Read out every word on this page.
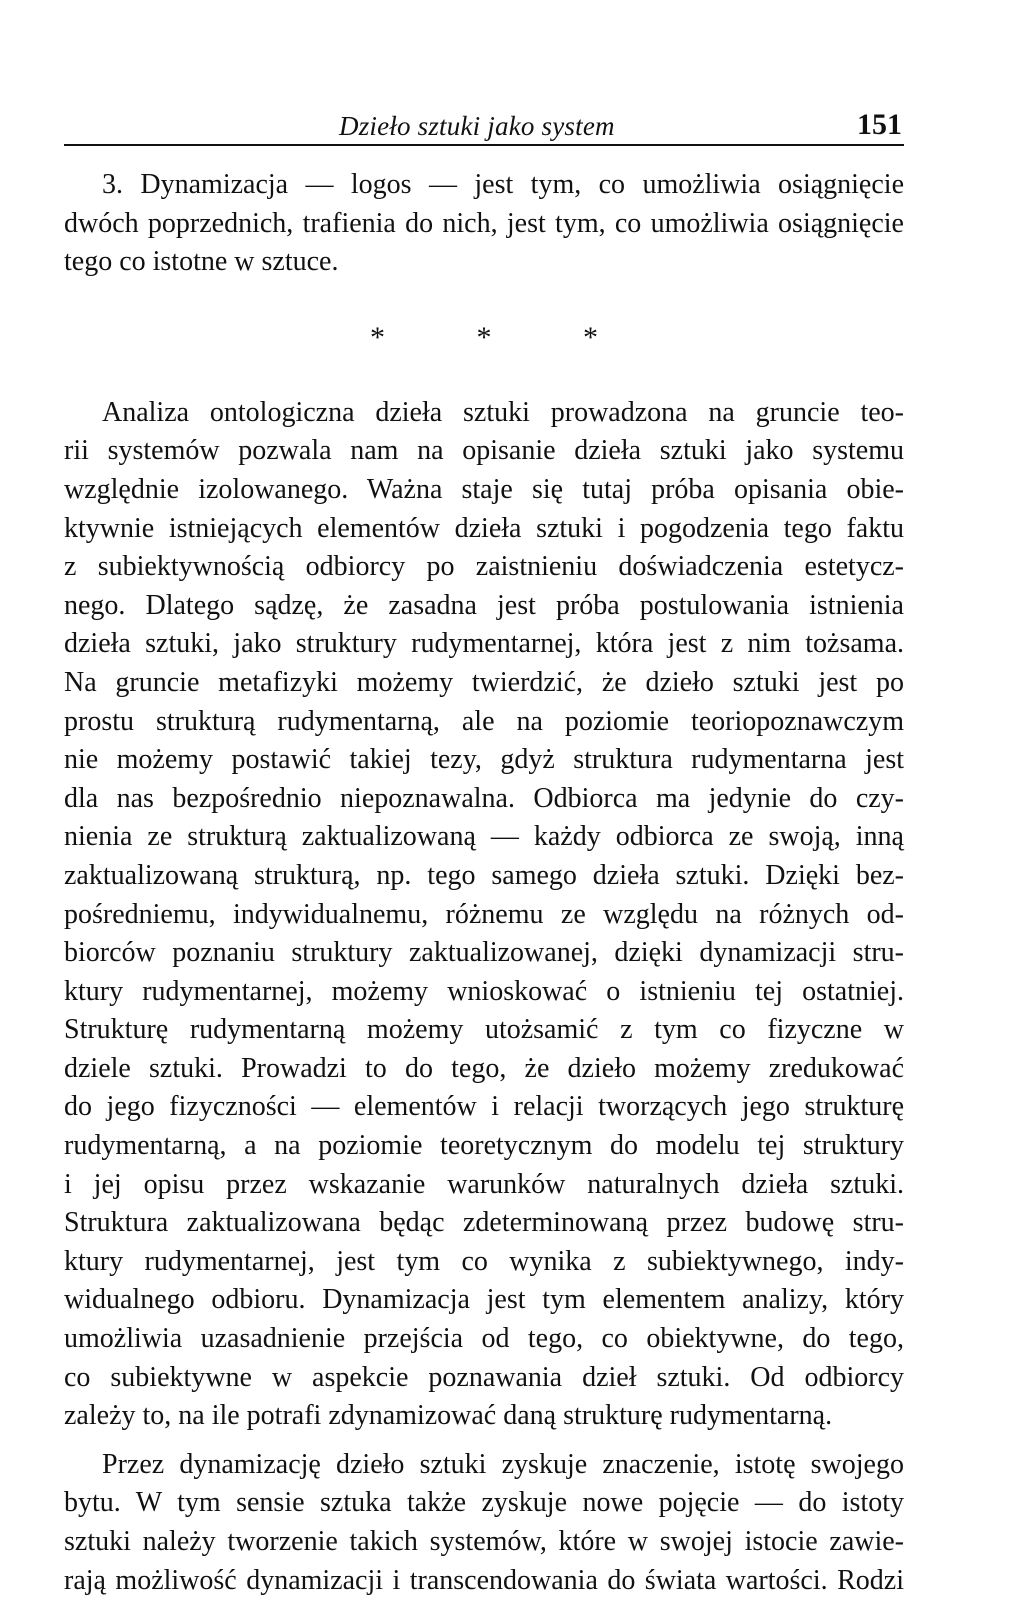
Dzieło sztuki jako system	151
3. Dynamizacja — logos — jest tym, co umożliwia osiągnięcie
dwóch poprzednich, trafienia do nich, jest tym, co umożliwia osiągnięcie
tego co istotne w sztuce.
* * *
Analiza ontologiczna dzieła sztuki prowadzona na gruncie teo-
rii systemów pozwala nam na opisanie dzieła sztuki jako systemu
względnie izolowanego. Ważna staje się tutaj próba opisania obie-
ktywnie istniejących elementów dzieła sztuki i pogodzenia tego faktu
z subiektywnością odbiorcy po zaistnieniu doświadczenia estetycz-
nego. Dlatego sądzę, że zasadna jest próba postulowania istnienia
dzieła sztuki, jako struktury rudymentarnej, która jest z nim tożsama.
Na gruncie metafizyki możemy twierdzić, że dzieło sztuki jest po
prostu strukturą rudymentarną, ale na poziomie teoriopoznawczym
nie możemy postawić takiej tezy, gdyż struktura rudymentarna jest
dla nas bezpośrednio niepoznawalna. Odbiorca ma jedynie do czy-
nienia ze strukturą zaktualizowaną — każdy odbiorca ze swoją, inną
zaktualizowaną strukturą, np. tego samego dzieła sztuki. Dzięki bez-
pośredniemu, indywidualnemu, różnemu ze względu na różnych od-
biorców poznaniu struktury zaktualizowanej, dzięki dynamizacji stru-
ktury rudymentarnej, możemy wnioskować o istnieniu tej ostatniej.
Strukturę rudymentarną możemy utożsamić z tym co fizyczne w
dziele sztuki. Prowadzi to do tego, że dzieło możemy zredukować
do jego fizyczności — elementów i relacji tworzących jego strukturę
rudymentarną, a na poziomie teoretycznym do modelu tej struktury
i jej opisu przez wskazanie warunków naturalnych dzieła sztuki.
Struktura zaktualizowana będąc zdeterminowaną przez budowę stru-
ktury rudymentarnej, jest tym co wynika z subiektywnego, indy-
widualnego odbioru. Dynamizacja jest tym elementem analizy, który
umożliwia uzasadnienie przejścia od tego, co obiektywne, do tego,
co subiektywne w aspekcie poznawania dzieł sztuki. Od odbiorcy
zależy to, na ile potrafi zdynamizować daną strukturę rudymentarną.
Przez dynamizację dzieło sztuki zyskuje znaczenie, istotę swojego
bytu. W tym sensie sztuka także zyskuje nowe pojęcie — do istoty
sztuki należy tworzenie takich systemów, które w swojej istocie zawie-
rają możliwość dynamizacji i transcendowania do świata wartości. Rodzi
